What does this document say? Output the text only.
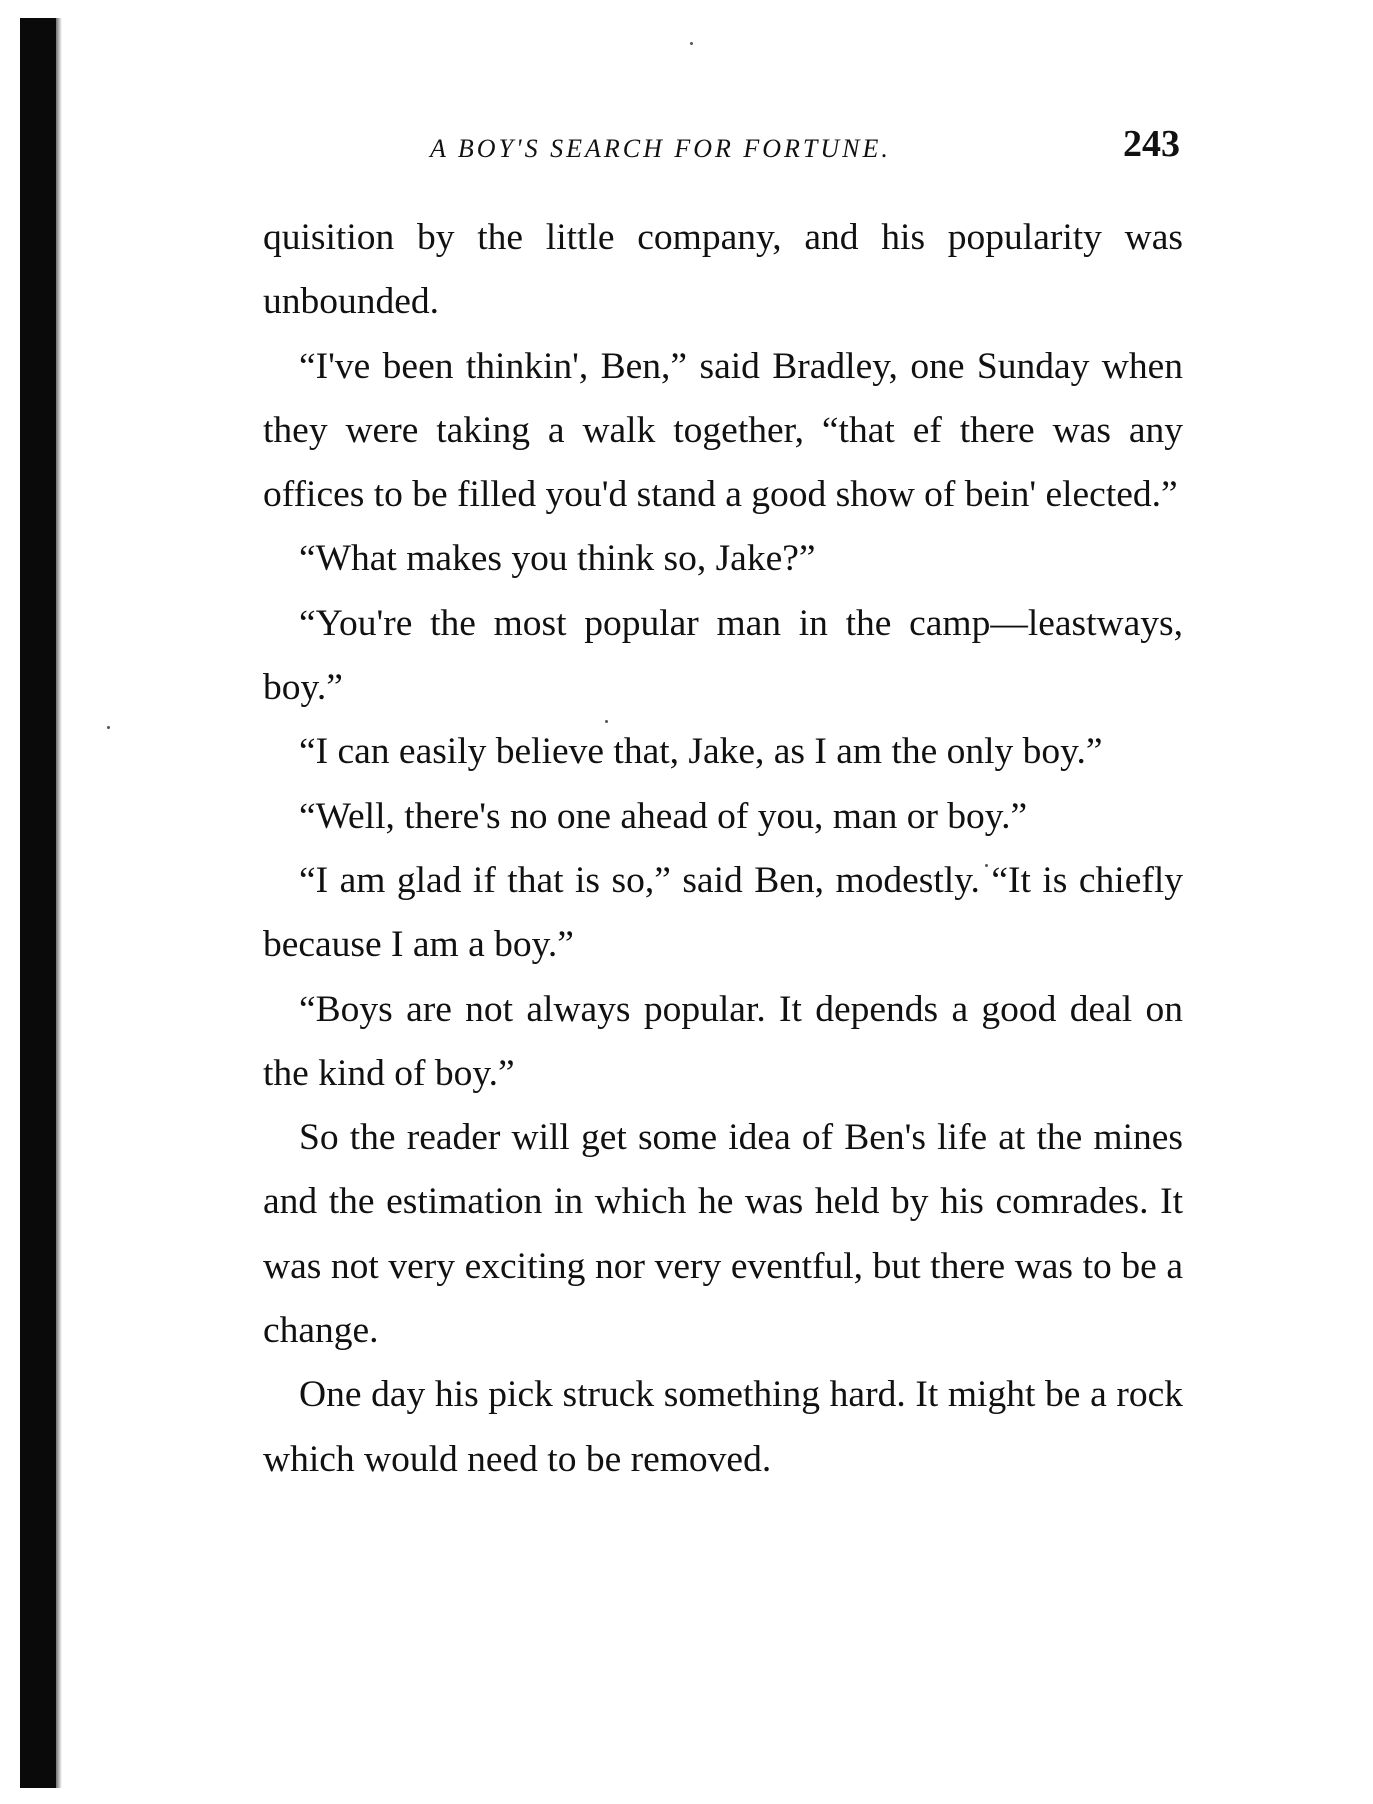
A BOY'S SEARCH FOR FORTUNE.	243

quisition by the little company, and his popularity was unbounded.

“I've been thinkin', Ben,” said Bradley, one Sunday when they were taking a walk together, “that ef there was any offices to be filled you'd stand a good show of bein' elected.”

“What makes you think so, Jake?”

“You're the most popular man in the camp—leastways, boy.”

“I can easily believe that, Jake, as I am the only boy.”

“Well, there's no one ahead of you, man or boy.”

“I am glad if that is so,” said Ben, modestly. “It is chiefly because I am a boy.”

“Boys are not always popular. It depends a good deal on the kind of boy.”

So the reader will get some idea of Ben's life at the mines and the estimation in which he was held by his comrades. It was not very exciting nor very eventful, but there was to be a change.

One day his pick struck something hard. It might be a rock which would need to be removed.
